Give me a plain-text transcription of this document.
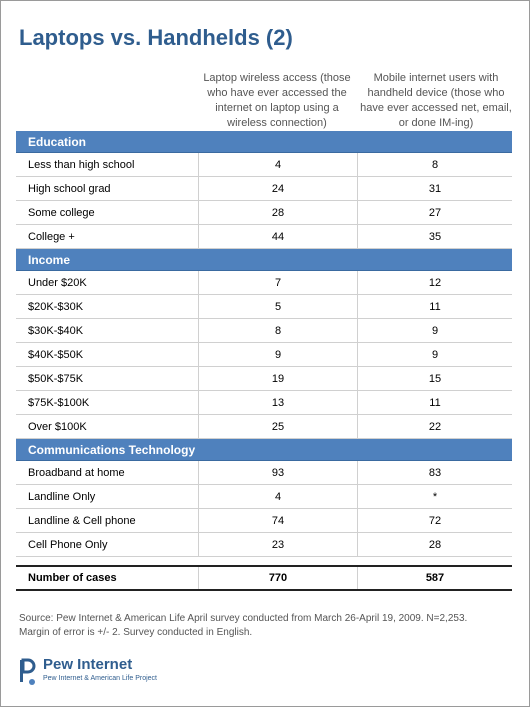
Laptops vs. Handhelds (2)
Laptop wireless access (those who have ever accessed the internet on laptop using a wireless connection)
Mobile internet users with handheld device (those who have ever accessed net, email, or done IM-ing)
Education
Less than high school	4	8
High school grad	24	31
Some college	28	27
College +	44	35
Income
Under $20K	7	12
$20K-$30K	5	11
$30K-$40K	8	9
$40K-$50K	9	9
$50K-$75K	19	15
$75K-$100K	13	11
Over $100K	25	22
Communications Technology
Broadband at home	93	83
Landline Only	4	*
Landline & Cell phone	74	72
Cell Phone Only	23	28
Number of cases	770	587
Source: Pew Internet & American Life April survey conducted from March 26-April 19, 2009. N=2,253. Margin of error is +/- 2. Survey conducted in English.
Pew Internet
Pew Internet & American Life Project
